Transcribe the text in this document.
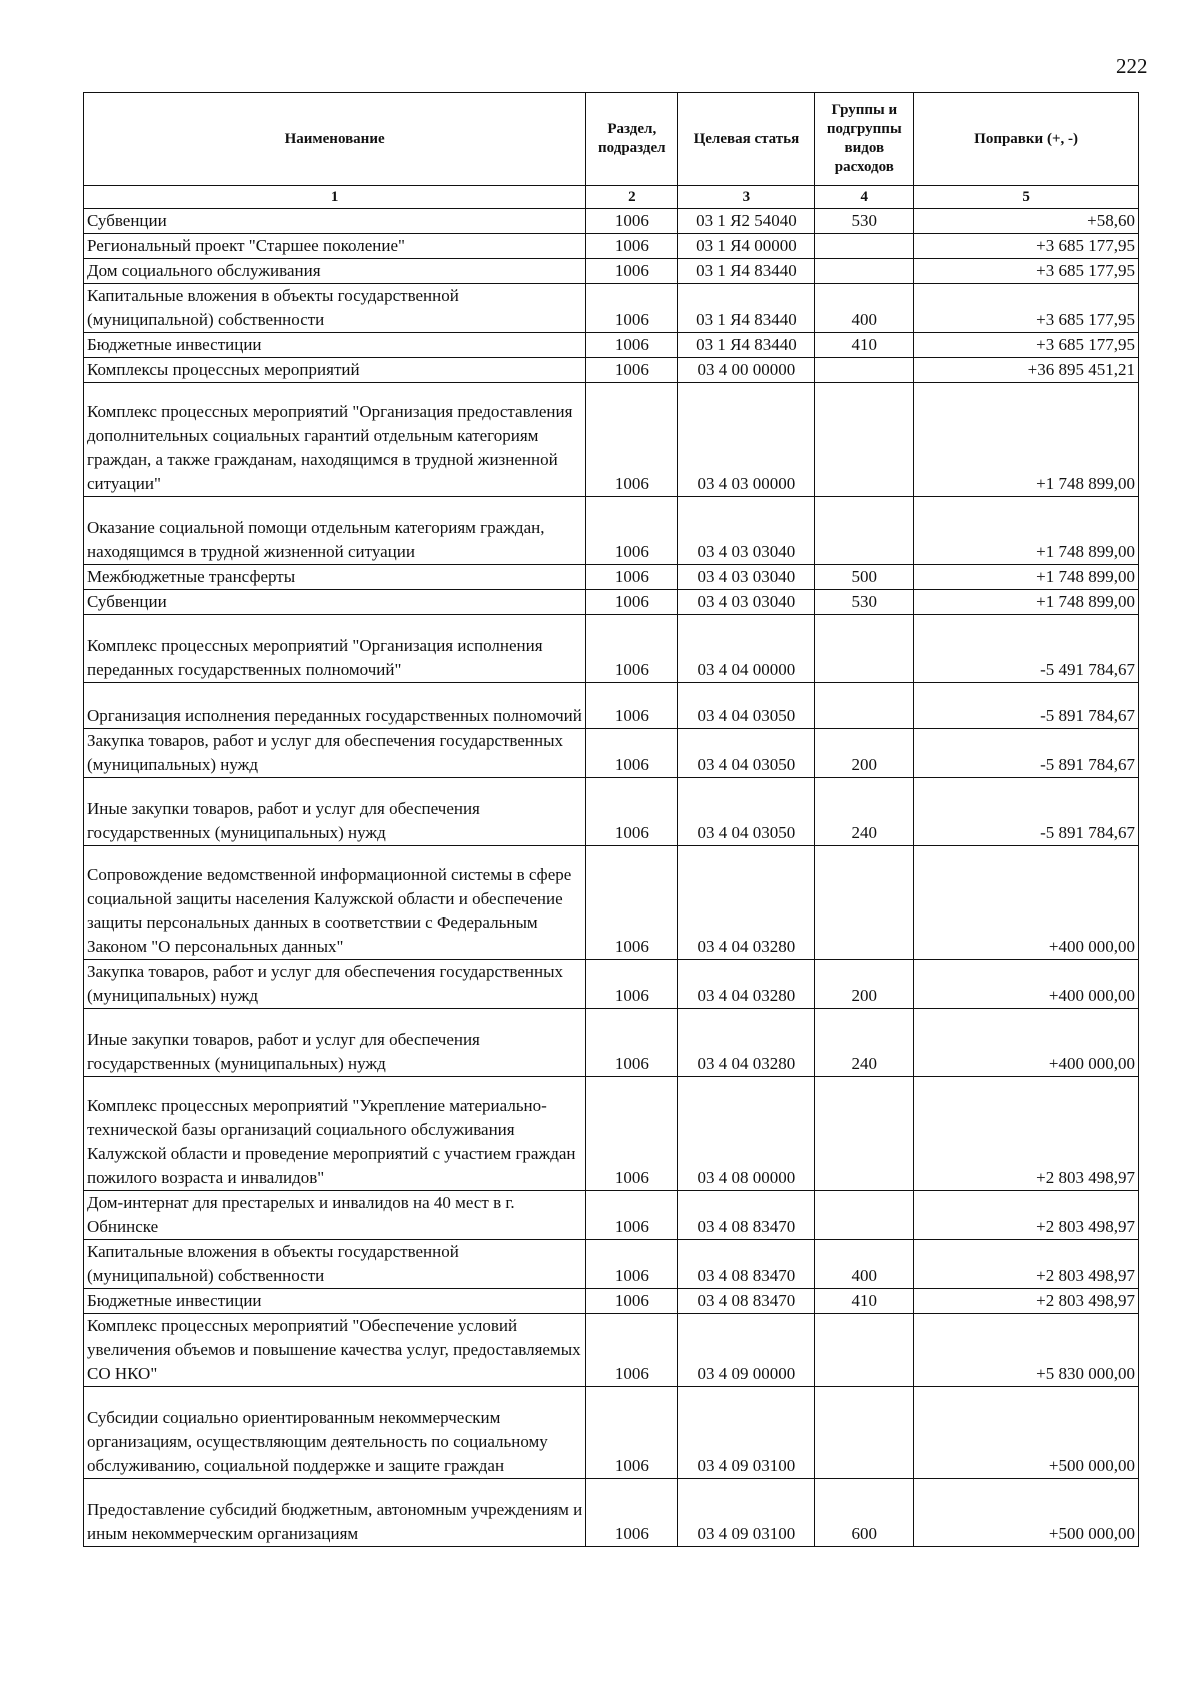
222
Наименование	Раздел, подраздел	Целевая статья	Группы и подгруппы видов расходов	Поправки (+, -)
1	2	3	4	5
Субвенции	1006	03 1 Я2 54040	530	+58,60
Региональный проект "Старшее поколение"	1006	03 1 Я4 00000		+3 685 177,95
Дом социального обслуживания	1006	03 1 Я4 83440		+3 685 177,95
Капитальные вложения в объекты государственной (муниципальной) собственности	1006	03 1 Я4 83440	400	+3 685 177,95
Бюджетные инвестиции	1006	03 1 Я4 83440	410	+3 685 177,95
Комплексы процессных мероприятий	1006	03 4 00 00000		+36 895 451,21
Комплекс процессных мероприятий "Организация предоставления дополнительных социальных гарантий отдельным категориям граждан, а также гражданам, находящимся в трудной жизненной ситуации"	1006	03 4 03 00000		+1 748 899,00
Оказание социальной помощи отдельным категориям граждан, находящимся в трудной жизненной ситуации	1006	03 4 03 03040		+1 748 899,00
Межбюджетные трансферты	1006	03 4 03 03040	500	+1 748 899,00
Субвенции	1006	03 4 03 03040	530	+1 748 899,00
Комплекс процессных мероприятий "Организация исполнения переданных государственных полномочий"	1006	03 4 04 00000		-5 491 784,67
Организация исполнения переданных государственных полномочий	1006	03 4 04 03050		-5 891 784,67
Закупка товаров, работ и услуг для обеспечения государственных (муниципальных) нужд	1006	03 4 04 03050	200	-5 891 784,67
Иные закупки товаров, работ и услуг для обеспечения государственных (муниципальных) нужд	1006	03 4 04 03050	240	-5 891 784,67
Сопровождение ведомственной информационной системы в сфере социальной защиты населения Калужской области и обеспечение защиты персональных данных в соответствии с Федеральным Законом "О персональных данных"	1006	03 4 04 03280		+400 000,00
Закупка товаров, работ и услуг для обеспечения государственных (муниципальных) нужд	1006	03 4 04 03280	200	+400 000,00
Иные закупки товаров, работ и услуг для обеспечения государственных (муниципальных) нужд	1006	03 4 04 03280	240	+400 000,00
Комплекс процессных мероприятий "Укрепление материально-технической базы организаций социального обслуживания Калужской области и проведение мероприятий с участием граждан пожилого возраста и инвалидов"	1006	03 4 08 00000		+2 803 498,97
Дом-интернат для престарелых и инвалидов на 40 мест в г. Обнинске	1006	03 4 08 83470		+2 803 498,97
Капитальные вложения в объекты государственной (муниципальной) собственности	1006	03 4 08 83470	400	+2 803 498,97
Бюджетные инвестиции	1006	03 4 08 83470	410	+2 803 498,97
Комплекс процессных мероприятий "Обеспечение условий увеличения объемов и повышение качества услуг, предоставляемых СО НКО"	1006	03 4 09 00000		+5 830 000,00
Субсидии социально ориентированным некоммерческим организациям, осуществляющим деятельность по социальному обслуживанию, социальной поддержке и защите граждан	1006	03 4 09 03100		+500 000,00
Предоставление субсидий бюджетным, автономным учреждениям и иным некоммерческим организациям	1006	03 4 09 03100	600	+500 000,00
